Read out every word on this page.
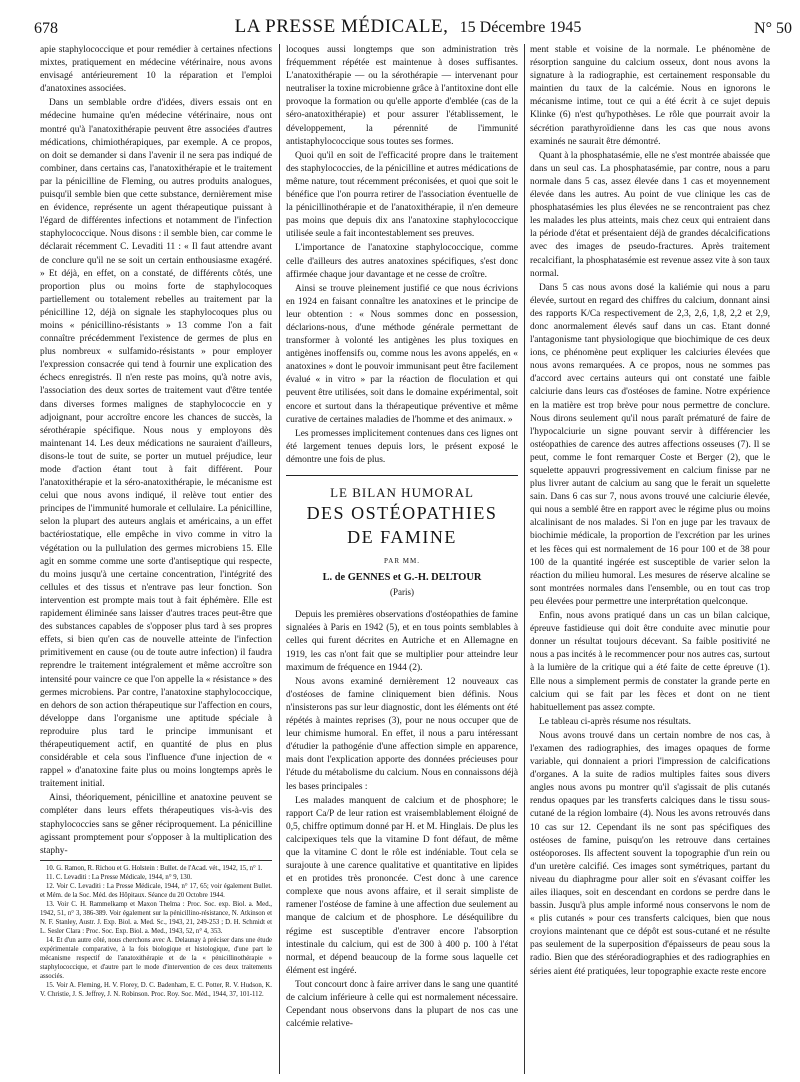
678	LA PRESSE MÉDICALE, 15 Décembre 1945	N° 50

apie staphylococcique et pour remédier à certaines nfections mixtes, pratiquement en médecine vétérinaire, nous avons envisagé antérieurement 10 la réparation et l'emploi d'anatoxines associées.

Dans un semblable ordre d'idées, divers essais ont en médecine humaine qu'en médecine vétérinaire, nous ont montré qu'à l'anatoxithérapie peuvent être associées d'autres médications, chimiothérapiques, par exemple. A ce propos, on doit se demander si dans l'avenir il ne sera pas indiqué de combiner, dans certains cas, l'anatoxithérapie et le traitement par la pénicilline de Fleming, ou autres produits analogues, puisqu'il semble bien que cette substance, dernièrement mise en évidence, représente un agent thérapeutique puissant à l'égard de différentes infections et notamment de l'infection staphylococcique. Nous disons : il semble bien, car comme le déclarait récemment C. Levaditi 11 : « Il faut attendre avant de conclure qu'il ne se soit un certain enthousiasme exagéré. » Et déjà, en effet, on a constaté, de différents côtés, une proportion plus ou moins forte de staphylocoques partiellement ou totalement rebelles au traitement par la pénicilline 12, déjà on signale les staphylocoques plus ou moins « pénicillino-résistants » 13 comme l'on a fait connaître précédemment l'existence de germes de plus en plus nombreux « sulfamido-résistants » pour employer l'expression consacrée qui tend à fournir une explication des échecs enregistrés. Il n'en reste pas moins, qu'à notre avis, l'association des deux sortes de traitement vaut d'être tentée dans diverses formes malignes de staphylococcie en y adjoignant, pour accroître encore les chances de succès, la sérothérapie spécifique. Nous nous y employons dès maintenant 14. Les deux médications ne sauraient d'ailleurs, disons-le tout de suite, se porter un mutuel préjudice, leur mode d'action étant tout à fait différent. Pour l'anatoxithérapie et la séro-anatoxithérapie, le mécanisme est celui que nous avons indiqué, il relève tout entier des principes de l'immunité humorale et cellulaire. La pénicilline, selon la plupart des auteurs anglais et américains, a un effet bactériostatique, elle empêche in vivo comme in vitro la végétation ou la pullulation des germes microbiens 15. Elle agit en somme comme une sorte d'antiseptique qui respecte, du moins jusqu'à une certaine concentration, l'intégrité des cellules et des tissus et n'entrave pas leur fonction. Son intervention est prompte mais tout à fait éphémère. Elle est rapidement éliminée sans laisser d'autres traces peut-être que des substances capables de s'opposer plus tard à ses propres effets, si bien qu'en cas de nouvelle atteinte de l'infection primitivement en cause (ou de toute autre infection) il faudra reprendre le traitement intégralement et même accroître son intensité pour vaincre ce que l'on appelle la « résistance » des germes microbiens. Par contre, l'anatoxine staphylococcique, en dehors de son action thérapeutique sur l'affection en cours, développe dans l'organisme une aptitude spéciale à reproduire plus tard le principe immunisant et thérapeutiquement actif, en quantité de plus en plus considérable et cela sous l'influence d'une injection de « rappel » d'anatoxine faite plus ou moins longtemps après le traitement initial.

Ainsi, théoriquement, pénicilline et anatoxine peuvent se compléter dans leurs effets thérapeutiques vis-à-vis des staphylococcies sans se gêner réciproquement. La pénicilline agissant promptement pour s'opposer à la multiplication des staphy-

10. G. Ramon, R. Richou et G. Holstein : Bullet. de l'Acad. vét., 1942, 15, n° 1.
11. C. Levaditi : La Presse Médicale, 1944, n° 9, 130.
12. Voir C. Levaditi : La Presse Médicale, 1944, n° 17, 65; voir également Bullet. et Mém. de la Soc. Méd. des Hôpitaux. Séance du 20 Octobre 1944.
13. Voir C. H. Rammelkamp et Maxon Thelma : Proc. Soc. exp. Biol. a. Med., 1942, 51, n° 3, 386-389. Voir également sur la pénicillino-résistance, N. Atkinson et N. F. Stanley, Austr. J. Exp. Biol. a. Med. Sc., 1943, 21, 249-253 ; D. H. Schmidt et L. Sesler Clara : Proc. Soc. Exp. Biol. a. Med., 1943, 52, n° 4, 353.
14. Et d'un autre côté, nous cherchons avec A. Delaunay à préciser dans une étude expérimentale comparative, à la fois biologique et histologique, d'une part le mécanisme respectif de l'anatoxithérapie et de la « pénicillinothérapie » staphylococcique, et d'autre part le mode d'intervention de ces deux traitements associés.
15. Voir A. Fleming, H. V. Florey, D. C. Badenham, E. C. Potter, R. V. Hudson, K. V. Christie, J. S. Jeffrey, J. N. Robinson. Proc. Roy. Soc. Méd., 1944, 37, 101-112.

locoques aussi longtemps que son administration très fréquemment répétée est maintenue à doses suffisantes. L'anatoxithérapie — ou la sérothérapie — intervenant pour neutraliser la toxine microbienne grâce à l'antitoxine dont elle provoque la formation ou qu'elle apporte d'emblée (cas de la séro-anatoxithérapie) et pour assurer l'établissement, le développement, la pérennité de l'immunité antistaphylococcique sous toutes ses formes.

Quoi qu'il en soit de l'efficacité propre dans le traitement des staphylococcies, de la pénicilline et autres médications de même nature, tout récemment préconisées, et quoi que soit le bénéfice que l'on pourra retirer de l'association éventuelle de la pénicillinothérapie et de l'anatoxithérapie, il n'en demeure pas moins que depuis dix ans l'anatoxine staphylococcique utilisée seule a fait incontestablement ses preuves.

L'importance de l'anatoxine staphylococcique, comme celle d'ailleurs des autres anatoxines spécifiques, s'est donc affirmée chaque jour davantage et ne cesse de croître.

Ainsi se trouve pleinement justifié ce que nous écrivions en 1924 en faisant connaître les anatoxines et le principe de leur obtention : « Nous sommes donc en possession, déclarions-nous, d'une méthode générale permettant de transformer à volonté les antigènes les plus toxiques en antigènes inoffensifs ou, comme nous les avons appelés, en « anatoxines » dont le pouvoir immunisant peut être facilement évalué « in vitro » par la réaction de floculation et qui peuvent être utilisées, soit dans le domaine expérimental, soit encore et surtout dans la thérapeutique préventive et même curative de certaines maladies de l'homme et des animaux. »

Les promesses implicitement contenues dans ces lignes ont été largement tenues depuis lors, le présent exposé le démontre une fois de plus.

LE BILAN HUMORAL
DES OSTÉOPATHIES
DE FAMINE
PAR MM.
L. de GENNES et G.-H. DELTOUR
(Paris)

Depuis les premières observations d'ostéopathies de famine signalées à Paris en 1942 (5), et en tous points semblables à celles qui furent décrites en Autriche et en Allemagne en 1919, les cas n'ont fait que se multiplier pour atteindre leur maximum de fréquence en 1944 (2).

Nous avons examiné dernièrement 12 nouveaux cas d'ostéoses de famine cliniquement bien définis. Nous n'insisterons pas sur leur diagnostic, dont les éléments ont été répétés à maintes reprises (3), pour ne nous occuper que de leur chimisme humoral. En effet, il nous a paru intéressant d'étudier la pathogénie d'une affection simple en apparence, mais dont l'explication apporte des données précieuses pour l'étude du métabolisme du calcium. Nous en connaissons déjà les bases principales :

Les malades manquent de calcium et de phosphore; le rapport Ca/P de leur ration est vraisemblablement éloigné de 0,5, chiffre optimum donné par H. et M. Hinglais. De plus les calcipexiques tels que la vitamine D font défaut, de même que la vitamine C dont le rôle est indéniable. Tout cela se surajoute à une carence qualitative et quantitative en lipides et en protides très prononcée. C'est donc à une carence complexe que nous avons affaire, et il serait simpliste de ramener l'ostéose de famine à une affection due seulement au manque de calcium et de phosphore. Le déséquilibre du régime est susceptible d'entraver encore l'absorption intestinale du calcium, qui est de 300 à 400 p. 100 à l'état normal, et dépend beaucoup de la forme sous laquelle cet élément est ingéré.

Tout concourt donc à faire arriver dans le sang une quantité de calcium inférieure à celle qui est normalement nécessaire. Cependant nous observons dans la plupart de nos cas une calcémie relative-

ment stable et voisine de la normale. Le phénomène de résorption sanguine du calcium osseux, dont nous avons la signature à la radiographie, est certainement responsable du maintien du taux de la calcémie. Nous en ignorons le mécanisme intime, tout ce qui a été écrit à ce sujet depuis Klinke (6) n'est qu'hypothèses. Le rôle que pourrait avoir la sécrétion parathyroïdienne dans les cas que nous avons examinés ne saurait être démontré.

Quant à la phosphatasémie, elle ne s'est montrée abaissée que dans un seul cas. La phosphatasémie, par contre, nous a paru normale dans 5 cas, assez élevée dans 1 cas et moyennement élevée dans les autres. Au point de vue clinique les cas de phosphatasémies les plus élevées ne se rencontraient pas chez les malades les plus atteints, mais chez ceux qui entraient dans la période d'état et présentaient déjà de grandes décalcifications avec des images de pseudo-fractures. Après traitement recalcifiant, la phosphatasémie est revenue assez vite à son taux normal.

Dans 5 cas nous avons dosé la kaliémie qui nous a paru élevée, surtout en regard des chiffres du calcium, donnant ainsi des rapports K/Ca respectivement de 2,3, 2,6, 1,8, 2,2 et 2,9, donc anormalement élevés sauf dans un cas. Etant donné l'antagonisme tant physiologique que biochimique de ces deux ions, ce phénomène peut expliquer les calciuries élevées que nous avons remarquées. A ce propos, nous ne sommes pas d'accord avec certains auteurs qui ont constaté une faible calciurie dans leurs cas d'ostéoses de famine. Notre expérience en la matière est trop brève pour nous permettre de conclure. Nous dirons seulement qu'il nous paraît prématuré de faire de l'hypocalciurie un signe pouvant servir à différencier les ostéopathies de carence des autres affections osseuses (7). Il se peut, comme le font remarquer Coste et Berger (2), que le squelette appauvri progressivement en calcium finisse par ne plus livrer autant de calcium au sang que le ferait un squelette sain. Dans 6 cas sur 7, nous avons trouvé une calciurie élevée, qui nous a semblé être en rapport avec le régime plus ou moins alcalinisant de nos malades. Si l'on en juge par les travaux de biochimie médicale, la proportion de l'excrétion par les urines et les fèces qui est normalement de 16 pour 100 et de 38 pour 100 de la quantité ingérée est susceptible de varier selon la réaction du milieu humoral. Les mesures de réserve alcaline se sont montrées normales dans l'ensemble, ou en tout cas trop peu élevées pour permettre une interprétation quelconque.

Enfin, nous avons pratiqué dans un cas un bilan calcique, épreuve fastidieuse qui doit être conduite avec minutie pour donner un résultat toujours décevant. Sa faible positivité ne nous a pas incités à le recommencer pour nos autres cas, surtout à la lumière de la critique qui a été faite de cette épreuve (1). Elle nous a simplement permis de constater la grande perte en calcium qui se fait par les fèces et dont on ne tient habituellement pas assez compte.

Le tableau ci-après résume nos résultats.

Nous avons trouvé dans un certain nombre de nos cas, à l'examen des radiographies, des images opaques de forme variable, qui donnaient a priori l'impression de calcifications d'organes. A la suite de radios multiples faites sous divers angles nous avons pu montrer qu'il s'agissait de plis cutanés rendus opaques par les transferts calciques dans le tissu sous-cutané de la région lombaire (4). Nous les avons retrouvés dans 10 cas sur 12. Cependant ils ne sont pas spécifiques des ostéoses de famine, puisqu'on les retrouve dans certaines ostéoporoses. Ils affectent souvent la topographie d'un rein ou d'un uretère calcifié. Ces images sont symétriques, partant du niveau du diaphragme pour aller soit en s'évasant coiffer les ailes iliaques, soit en descendant en cordons se perdre dans le bassin. Jusqu'à plus ample informé nous conservons le nom de « plis cutanés » pour ces transferts calciques, bien que nous croyions maintenant que ce dépôt est sous-cutané et ne résulte pas seulement de la superposition d'épaisseurs de peau sous la radio. Bien que des stéréoradiographies et des radiographies en séries aient été pratiquées, leur topographie exacte reste encore
